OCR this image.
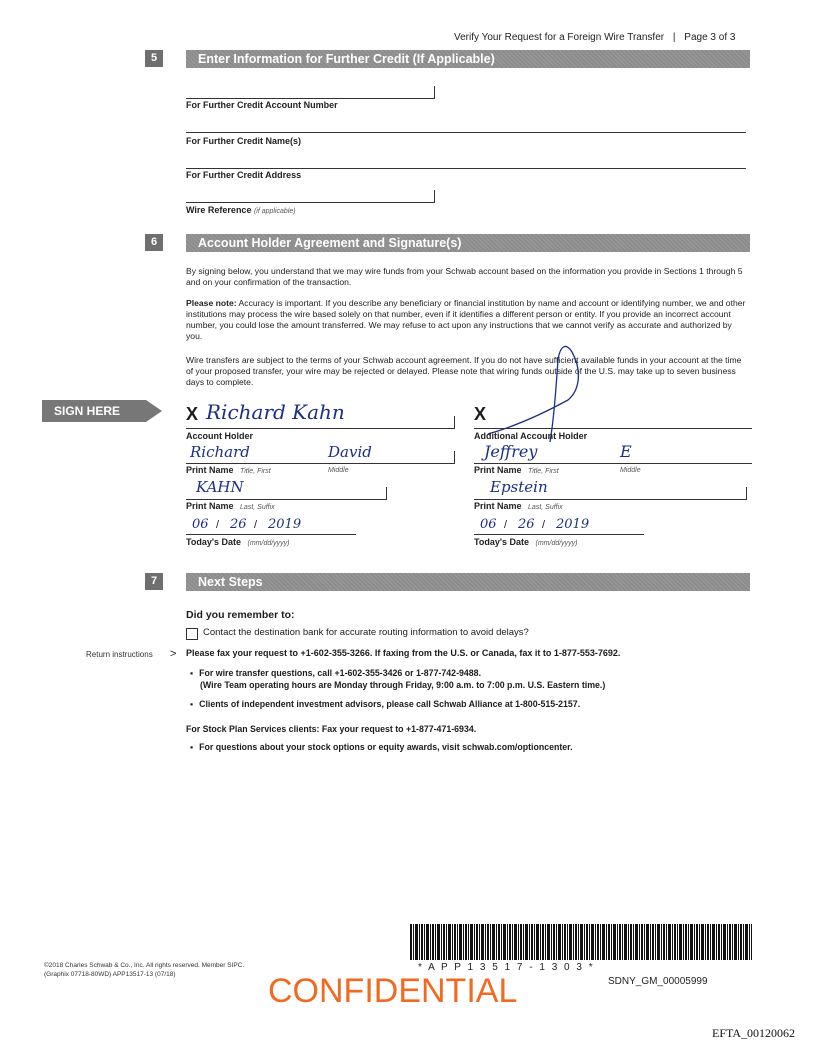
Verify Your Request for a Foreign Wire Transfer | Page 3 of 3
5	Enter Information for Further Credit (If Applicable)
For Further Credit Account Number
For Further Credit Name(s)
For Further Credit Address
Wire Reference (if applicable)
6	Account Holder Agreement and Signature(s)
By signing below, you understand that we may wire funds from your Schwab account based on the information you provide in Sections 1 through 5 and on your confirmation of the transaction.
Please note: Accuracy is important. If you describe any beneficiary or financial institution by name and account or identifying number, we and other institutions may process the wire based solely on that number, even if it identifies a different person or entity. If you provide an incorrect account number, you could lose the amount transferred. We may refuse to act upon any instructions that we cannot verify as accurate and authorized by you.
Wire transfers are subject to the terms of your Schwab account agreement. If you do not have sufficient available funds in your account at the time of your proposed transfer, your wire may be rejected or delayed. Please note that wiring funds outside of the U.S. may take up to seven business days to complete.
SIGN HERE	X Richard Kahn
Account Holder
Richard	David
Print Name Title, First	Middle
KAHN
Print Name Last, Suffix
06 / 26 / 2019
Today's Date (mm/dd/yyyy)
X
Additional Account Holder
Jeffrey	E
Print Name Title, First	Middle
Epstein
Print Name Last, Suffix
06 / 26 / 2019
Today's Date (mm/dd/yyyy)
7	Next Steps
Did you remember to:
Contact the destination bank for accurate routing information to avoid delays?
Return instructions > Please fax your request to +1-602-355-3266. If faxing from the U.S. or Canada, fax it to 1-877-553-7692.
▪ For wire transfer questions, call +1-602-355-3426 or 1-877-742-9488.
(Wire Team operating hours are Monday through Friday, 9:00 a.m. to 7:00 p.m. U.S. Eastern time.)
▪ Clients of independent investment advisors, please call Schwab Alliance at 1-800-515-2157.
For Stock Plan Services clients: Fax your request to +1-877-471-6934.
▪ For questions about your stock options or equity awards, visit schwab.com/optioncenter.
©2018 Charles Schwab & Co., Inc. All rights reserved. Member SIPC.
(Graphix 07718-80WD) APP13517-13 (07/18)
* A P P 1 3 5 1 7 - 1 3 0 3 *
SDNY_GM_00005999
CONFIDENTIAL
EFTA_00120062
